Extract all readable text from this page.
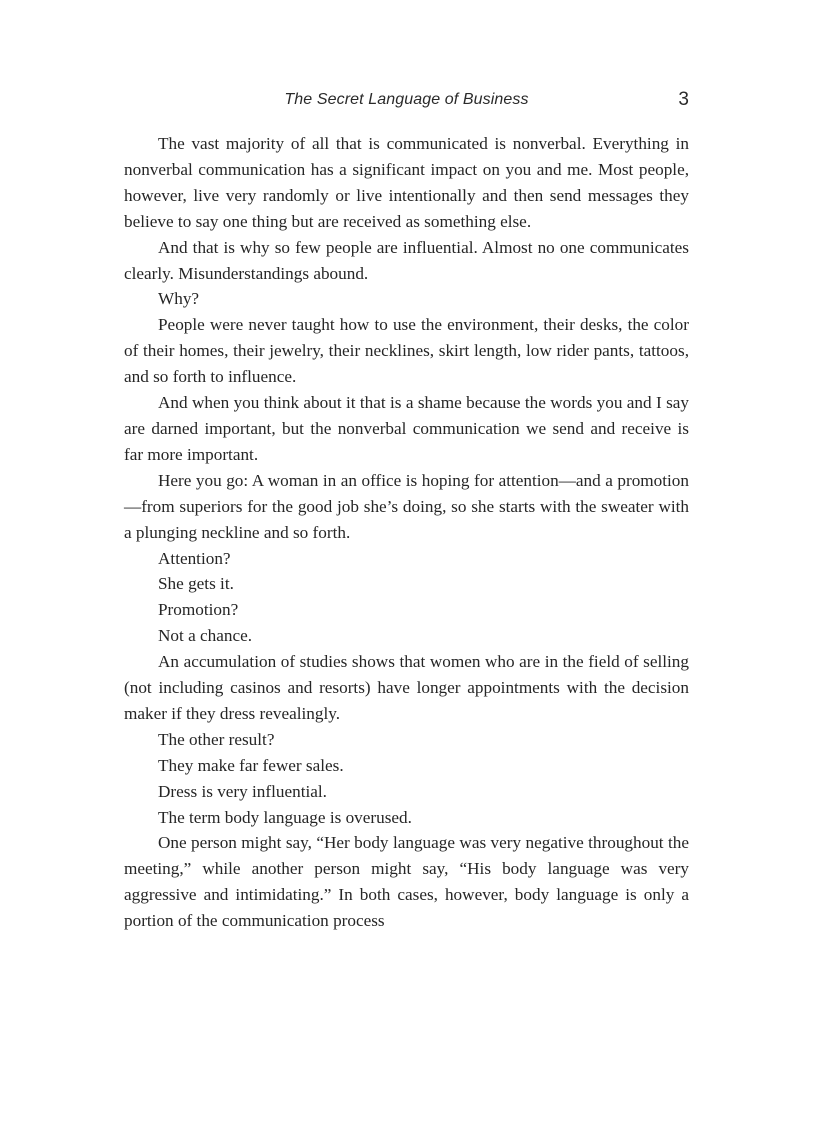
The Secret Language of Business	3

The vast majority of all that is communicated is nonverbal. Everything in nonverbal communication has a significant impact on you and me. Most people, however, live very randomly or live intentionally and then send messages they believe to say one thing but are received as something else.

And that is why so few people are influential. Almost no one communicates clearly. Misunderstandings abound.

Why?

People were never taught how to use the environment, their desks, the color of their homes, their jewelry, their necklines, skirt length, low rider pants, tattoos, and so forth to influence.

And when you think about it that is a shame because the words you and I say are darned important, but the nonverbal communication we send and receive is far more important.

Here you go: A woman in an office is hoping for attention—and a promotion—from superiors for the good job she’s doing, so she starts with the sweater with a plunging neckline and so forth.

Attention?

She gets it.

Promotion?

Not a chance.

An accumulation of studies shows that women who are in the field of selling (not including casinos and resorts) have longer appointments with the decision maker if they dress revealingly.

The other result?

They make far fewer sales.

Dress is very influential.

The term body language is overused.

One person might say, “Her body language was very negative throughout the meeting,” while another person might say, “His body language was very aggressive and intimidating.” In both cases, however, body language is only a portion of the communication process
